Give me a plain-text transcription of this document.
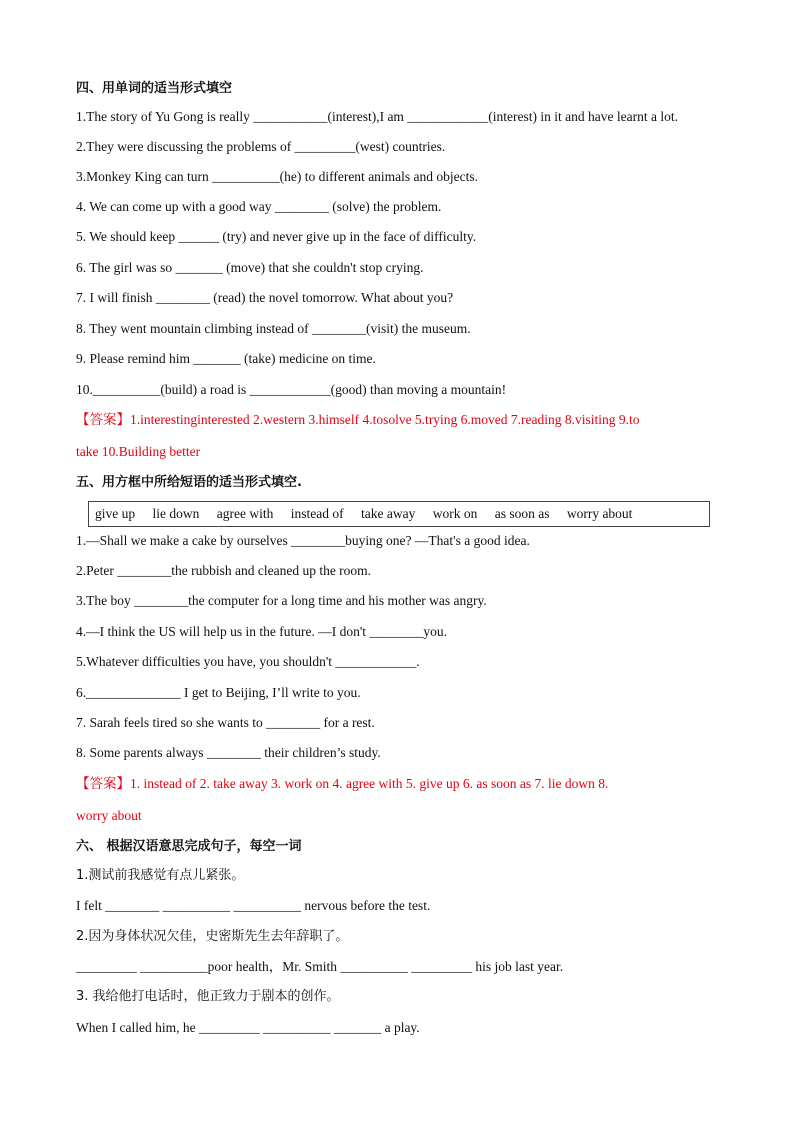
四、用单词的适当形式填空
1.The story of Yu Gong is really ___________(interest),I am ____________(interest) in it and have learnt a lot.
2.They were discussing the problems of _________(west) countries.
3.Monkey King can turn __________(he) to different animals and objects.
4. We can come up with a good way ________ (solve) the problem.
5. We should keep ______ (try) and never give up in the face of difficulty.
6. The girl was so _______ (move) that she couldn't stop crying.
7. I will finish ________ (read) the novel tomorrow. What about you?
8. They went mountain climbing instead of ________(visit) the museum.
9. Please remind him _______ (take) medicine on time.
10.__________(build) a road is ____________(good) than moving a mountain!
【答案】1.interestinginterested 2.western 3.himself 4.tosolve 5.trying 6.moved 7.reading 8.visiting 9.to
take 10.Building better
五、用方框中所给短语的适当形式填空.
give up lie down agree with instead of take away work on as soon as worry about
1.—Shall we make a cake by ourselves ________buying one? —That's a good idea.
2.Peter ________the rubbish and cleaned up the room.
3.The boy ________the computer for a long time and his mother was angry.
4.—I think the US will help us in the future. —I don't ________you.
5.Whatever difficulties you have, you shouldn't ____________.
6.______________ I get to Beijing, I’ll write to you.
7. Sarah feels tired so she wants to ________ for a rest.
8. Some parents always ________ their children’s study.
【答案】1. instead of 2. take away 3. work on 4. agree with 5. give up 6. as soon as 7. lie down 8.
worry about
六、 根据汉语意思完成句子，每空一词
1.测试前我感觉有点儿紧张。
I felt ________ __________ __________ nervous before the test.
2.因为身体状况欠佳，史密斯先生去年辞职了。
_________ __________poor health，Mr. Smith __________ _________ his job last year.
3. 我给他打电话时，他正致力于剧本的创作。
When I called him, he _________ __________ _______ a play.
